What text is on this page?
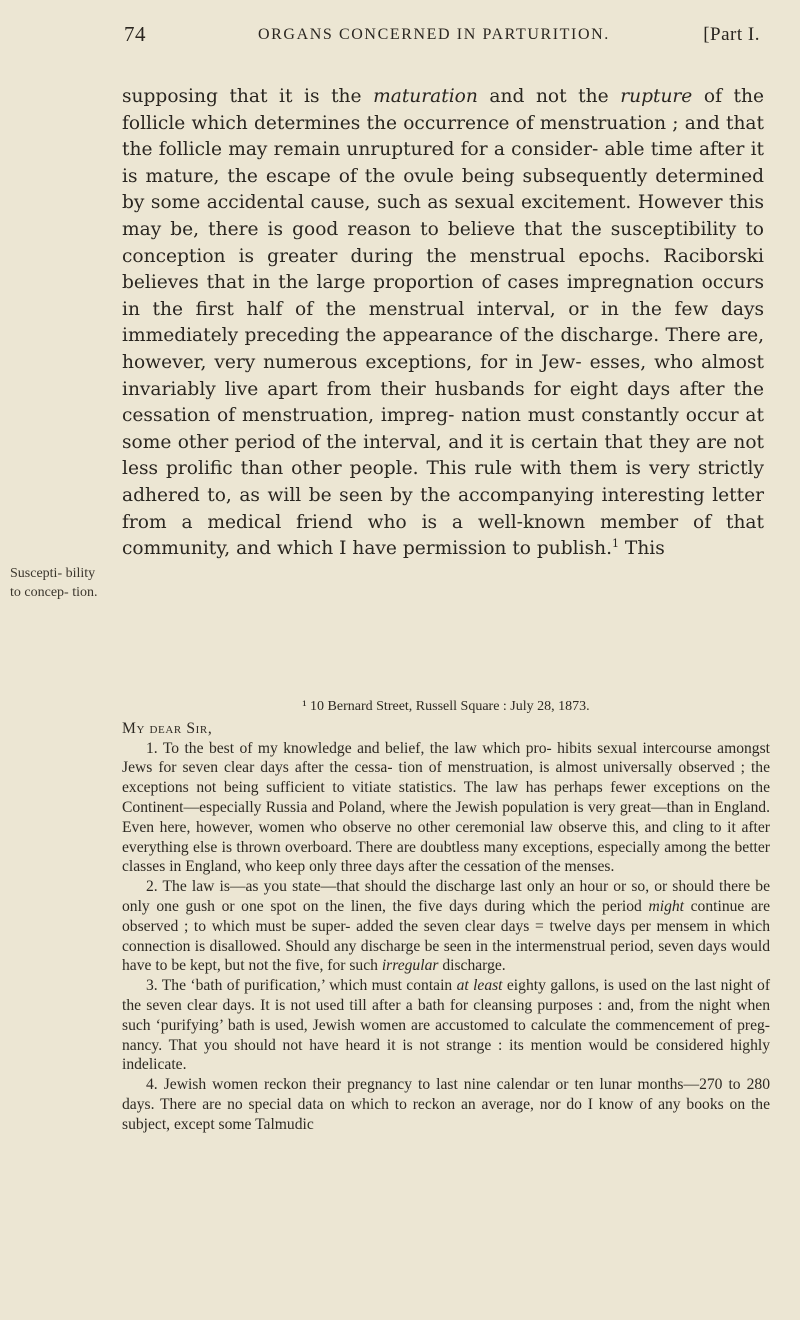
74	ORGANS CONCERNED IN PARTURITION.	[Part I.
Suscepti- bility to concep- tion.

supposing that it is the maturation and not the rupture of the follicle which determines the occurrence of menstruation ; and that the follicle may remain unruptured for a consider- able time after it is mature, the escape of the ovule being subsequently determined by some accidental cause, such as sexual excitement. However this may be, there is good reason to believe that the susceptibility to conception is greater during the menstrual epochs. Raciborski believes that in the large proportion of cases impregnation occurs in the first half of the menstrual interval, or in the few days immediately preceding the appearance of the discharge. There are, however, very numerous exceptions, for in Jew- esses, who almost invariably live apart from their husbands for eight days after the cessation of menstruation, impreg- nation must constantly occur at some other period of the interval, and it is certain that they are not less prolific than other people. This rule with them is very strictly adhered to, as will be seen by the accompanying interesting letter from a medical friend who is a well-known member of that community, and which I have permission to publish.$^1$ This

¹ 10 Bernard Street, Russell Square : July 28, 1873.

My dear Sir,

1. To the best of my knowledge and belief, the law which pro- hibits sexual intercourse amongst Jews for seven clear days after the cessa- tion of menstruation, is almost universally observed ; the exceptions not being sufficient to vitiate statistics. The law has perhaps fewer exceptions on the Continent—especially Russia and Poland, where the Jewish population is very great—than in England. Even here, however, women who observe no other ceremonial law observe this, and cling to it after everything else is thrown overboard. There are doubtless many exceptions, especially among the better classes in England, who keep only three days after the cessation of the menses.

2. The law is—as you state—that should the discharge last only an hour or so, or should there be only one gush or one spot on the linen, the five days during which the period might continue are observed ; to which must be super- added the seven clear days = twelve days per mensem in which connection is disallowed. Should any discharge be seen in the intermenstrual period, seven days would have to be kept, but not the five, for such irregular discharge.

3. The ‘bath of purification,’ which must contain at least eighty gallons, is used on the last night of the seven clear days. It is not used till after a bath for cleansing purposes : and, from the night when such ‘purifying’ bath is used, Jewish women are accustomed to calculate the commencement of preg- nancy. That you should not have heard it is not strange : its mention would be considered highly indelicate.

4. Jewish women reckon their pregnancy to last nine calendar or ten lunar months—270 to 280 days. There are no special data on which to reckon an average, nor do I know of any books on the subject, except some Talmudic
